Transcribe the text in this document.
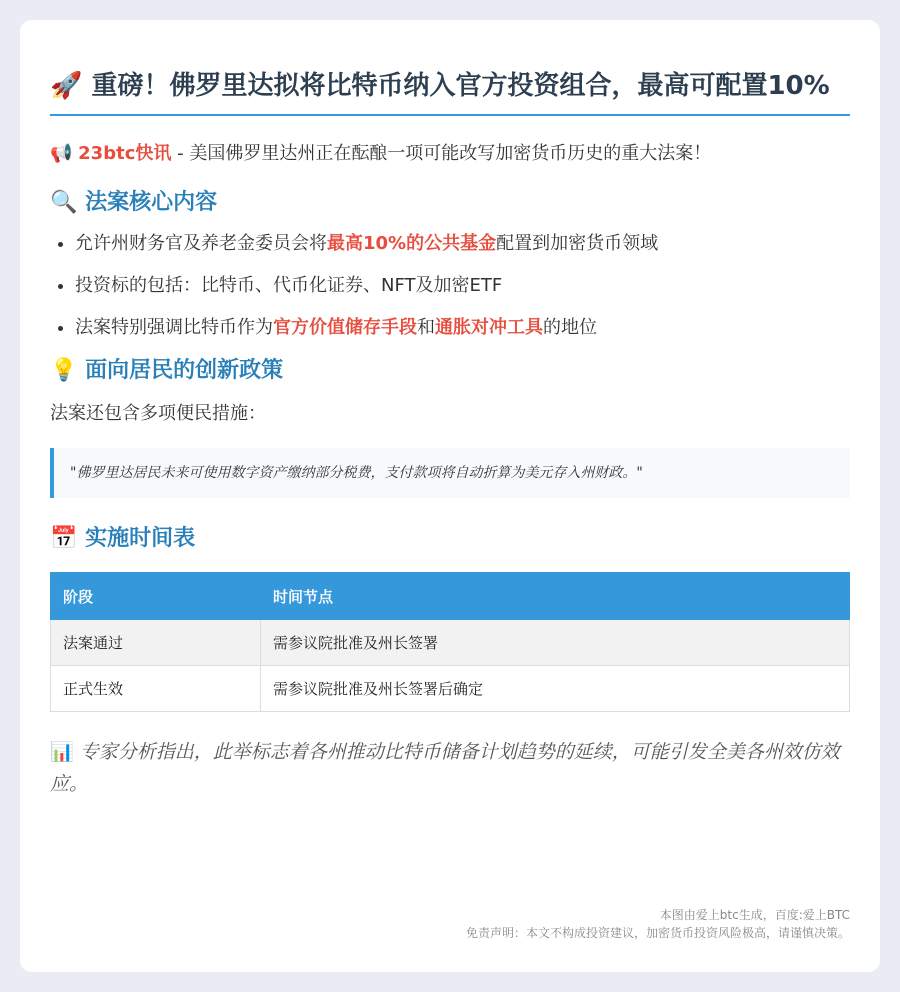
🚀 重磅！佛罗里达拟将比特币纳入官方投资组合，最高可配置10%
📢 23btc快讯 - 美国佛罗里达州正在酝酿一项可能改写加密货币历史的重大法案！
🔍 法案核心内容
• 允许州财务官及养老金委员会将最高10%的公共基金配置到加密货币领域
• 投资标的包括：比特币、代币化证券、NFT及加密ETF
• 法案特别强调比特币作为官方价值储存手段和通胀对冲工具的地位
💡 面向居民的创新政策
法案还包含多项便民措施：
"佛罗里达居民未来可使用数字资产缴纳部分税费，支付款项将自动折算为美元存入州财政。"
📅 实施时间表
阶段	时间节点
法案通过	需参议院批准及州长签署
正式生效	需参议院批准及州长签署后确定
📊 专家分析指出，此举标志着各州推动比特币储备计划趋势的延续，可能引发全美各州效仿效应。
本图由爱上btc生成，百度:爱上BTC
免责声明：本文不构成投资建议，加密货币投资风险极高，请谨慎决策。
